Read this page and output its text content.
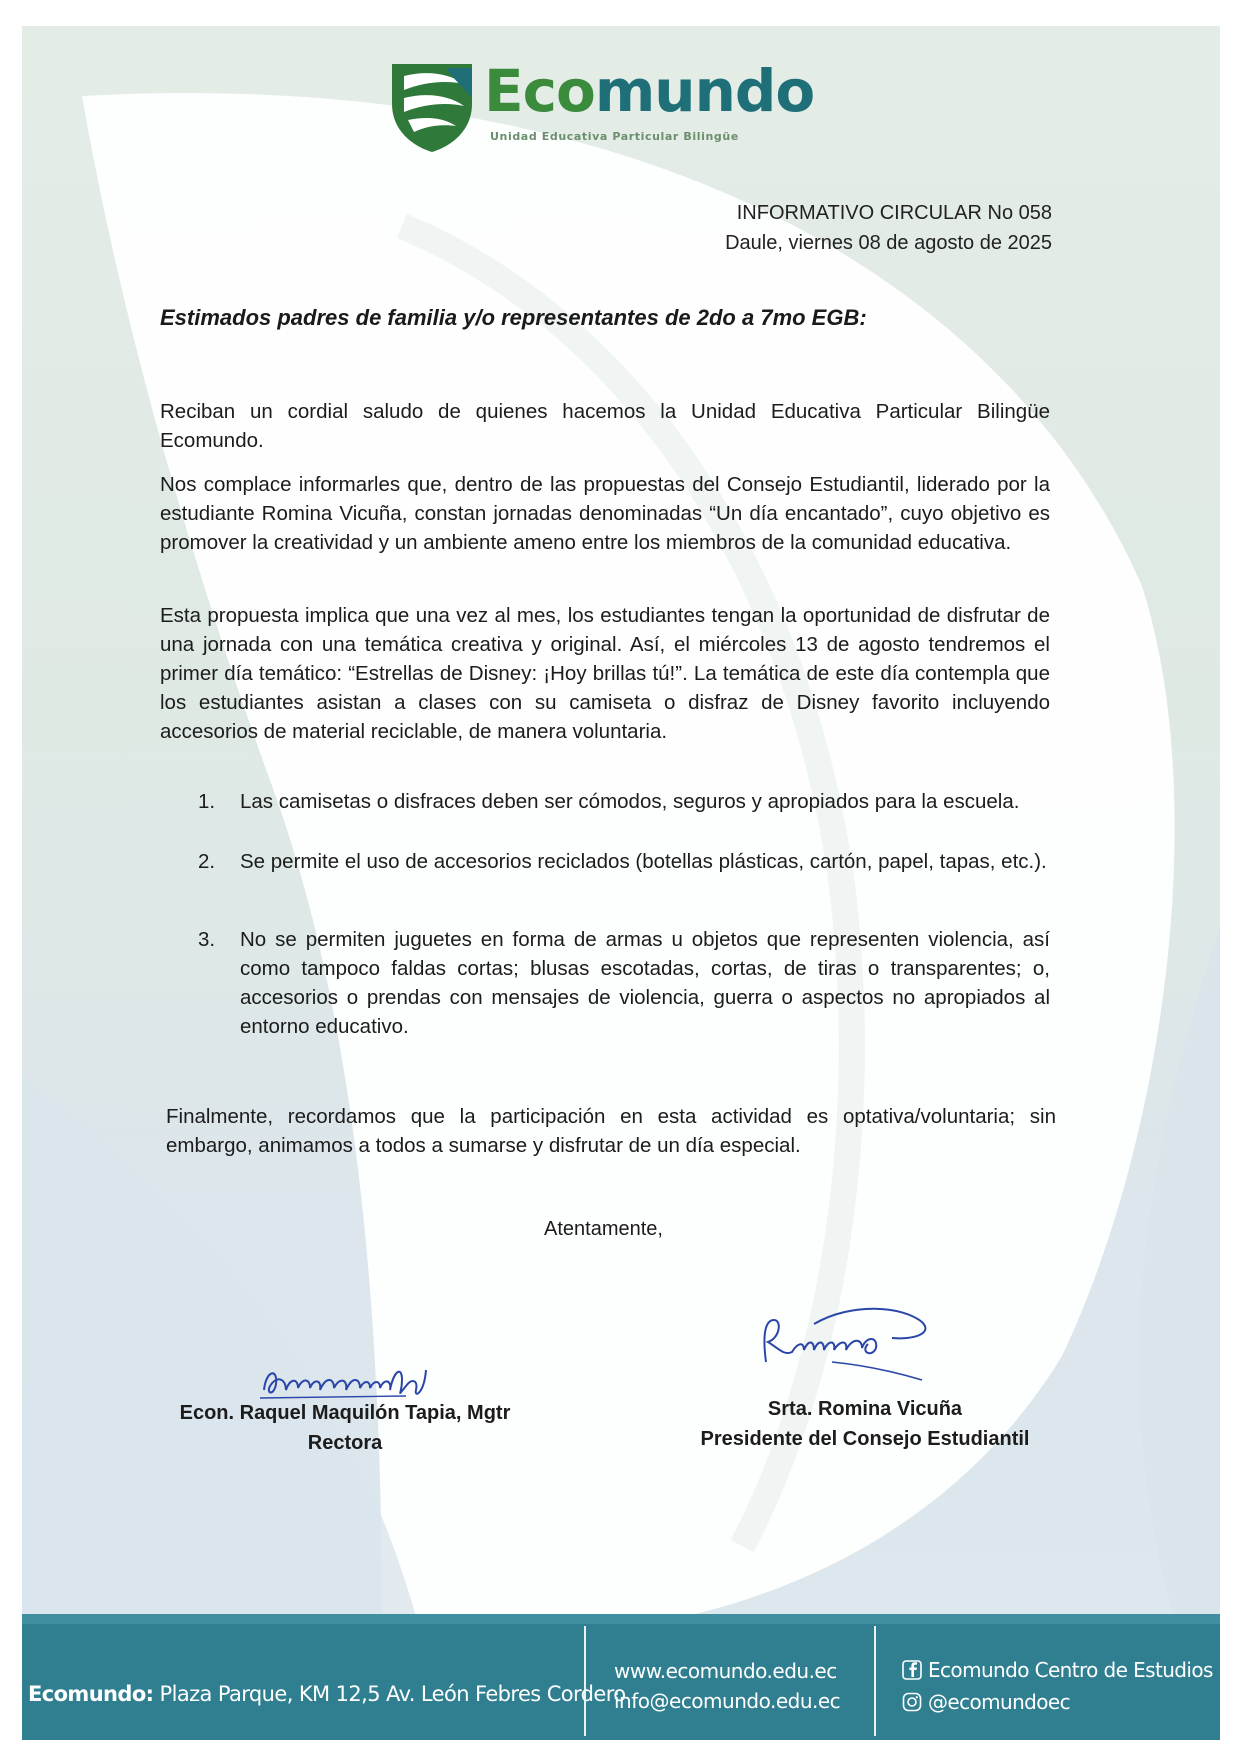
Ecomundo
Unidad Educativa Particular Bilingüe
INFORMATIVO CIRCULAR No 058
Daule, viernes 08 de agosto de 2025
Estimados padres de familia y/o representantes de 2do a 7mo EGB:
Reciban un cordial saludo de quienes hacemos la Unidad Educativa Particular Bilingüe Ecomundo.
Nos complace informarles que, dentro de las propuestas del Consejo Estudiantil, liderado por la estudiante Romina Vicuña, constan jornadas denominadas “Un día encantado”, cuyo objetivo es promover la creatividad y un ambiente ameno entre los miembros de la comunidad educativa.
Esta propuesta implica que una vez al mes, los estudiantes tengan la oportunidad de disfrutar de una jornada con una temática creativa y original. Así, el miércoles 13 de agosto tendremos el primer día temático: “Estrellas de Disney: ¡Hoy brillas tú!”. La temática de este día contempla que los estudiantes asistan a clases con su camiseta o disfraz de Disney favorito incluyendo accesorios de material reciclable, de manera voluntaria.
1. Las camisetas o disfraces deben ser cómodos, seguros y apropiados para la escuela.
2. Se permite el uso de accesorios reciclados (botellas plásticas, cartón, papel, tapas, etc.).
3. No se permiten juguetes en forma de armas u objetos que representen violencia, así como tampoco faldas cortas; blusas escotadas, cortas, de tiras o transparentes; o, accesorios o prendas con mensajes de violencia, guerra o aspectos no apropiados al entorno educativo.
Finalmente, recordamos que la participación en esta actividad es optativa/voluntaria; sin embargo, animamos a todos a sumarse y disfrutar de un día especial.
Atentamente,
Econ. Raquel Maquilón Tapia, Mgtr
Rectora
Srta. Romina Vicuña
Presidente del Consejo Estudiantil
Ecomundo: Plaza Parque, KM 12,5 Av. León Febres Cordero
www.ecomundo.edu.ec
info@ecomundo.edu.ec
Ecomundo Centro de Estudios
@ecomundoec
